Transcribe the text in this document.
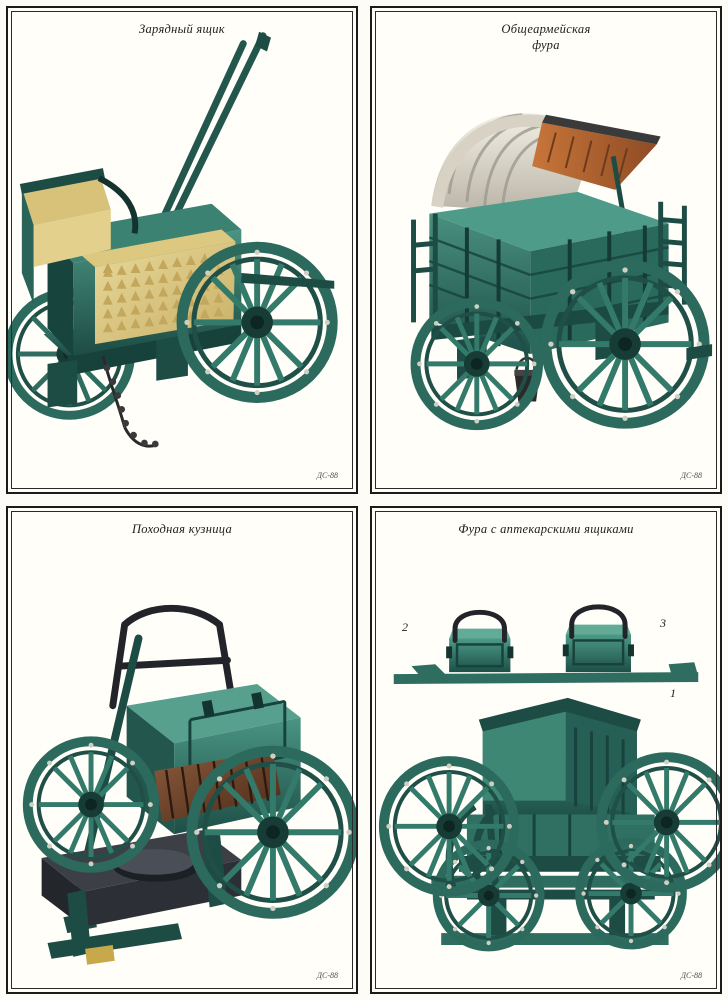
Зарядный ящик
ДС-88
Общеармейская
фура
ДС-88
Походная кузница
ДС-88
Фура с аптекарскими ящиками
2	3
1
ДС-88
